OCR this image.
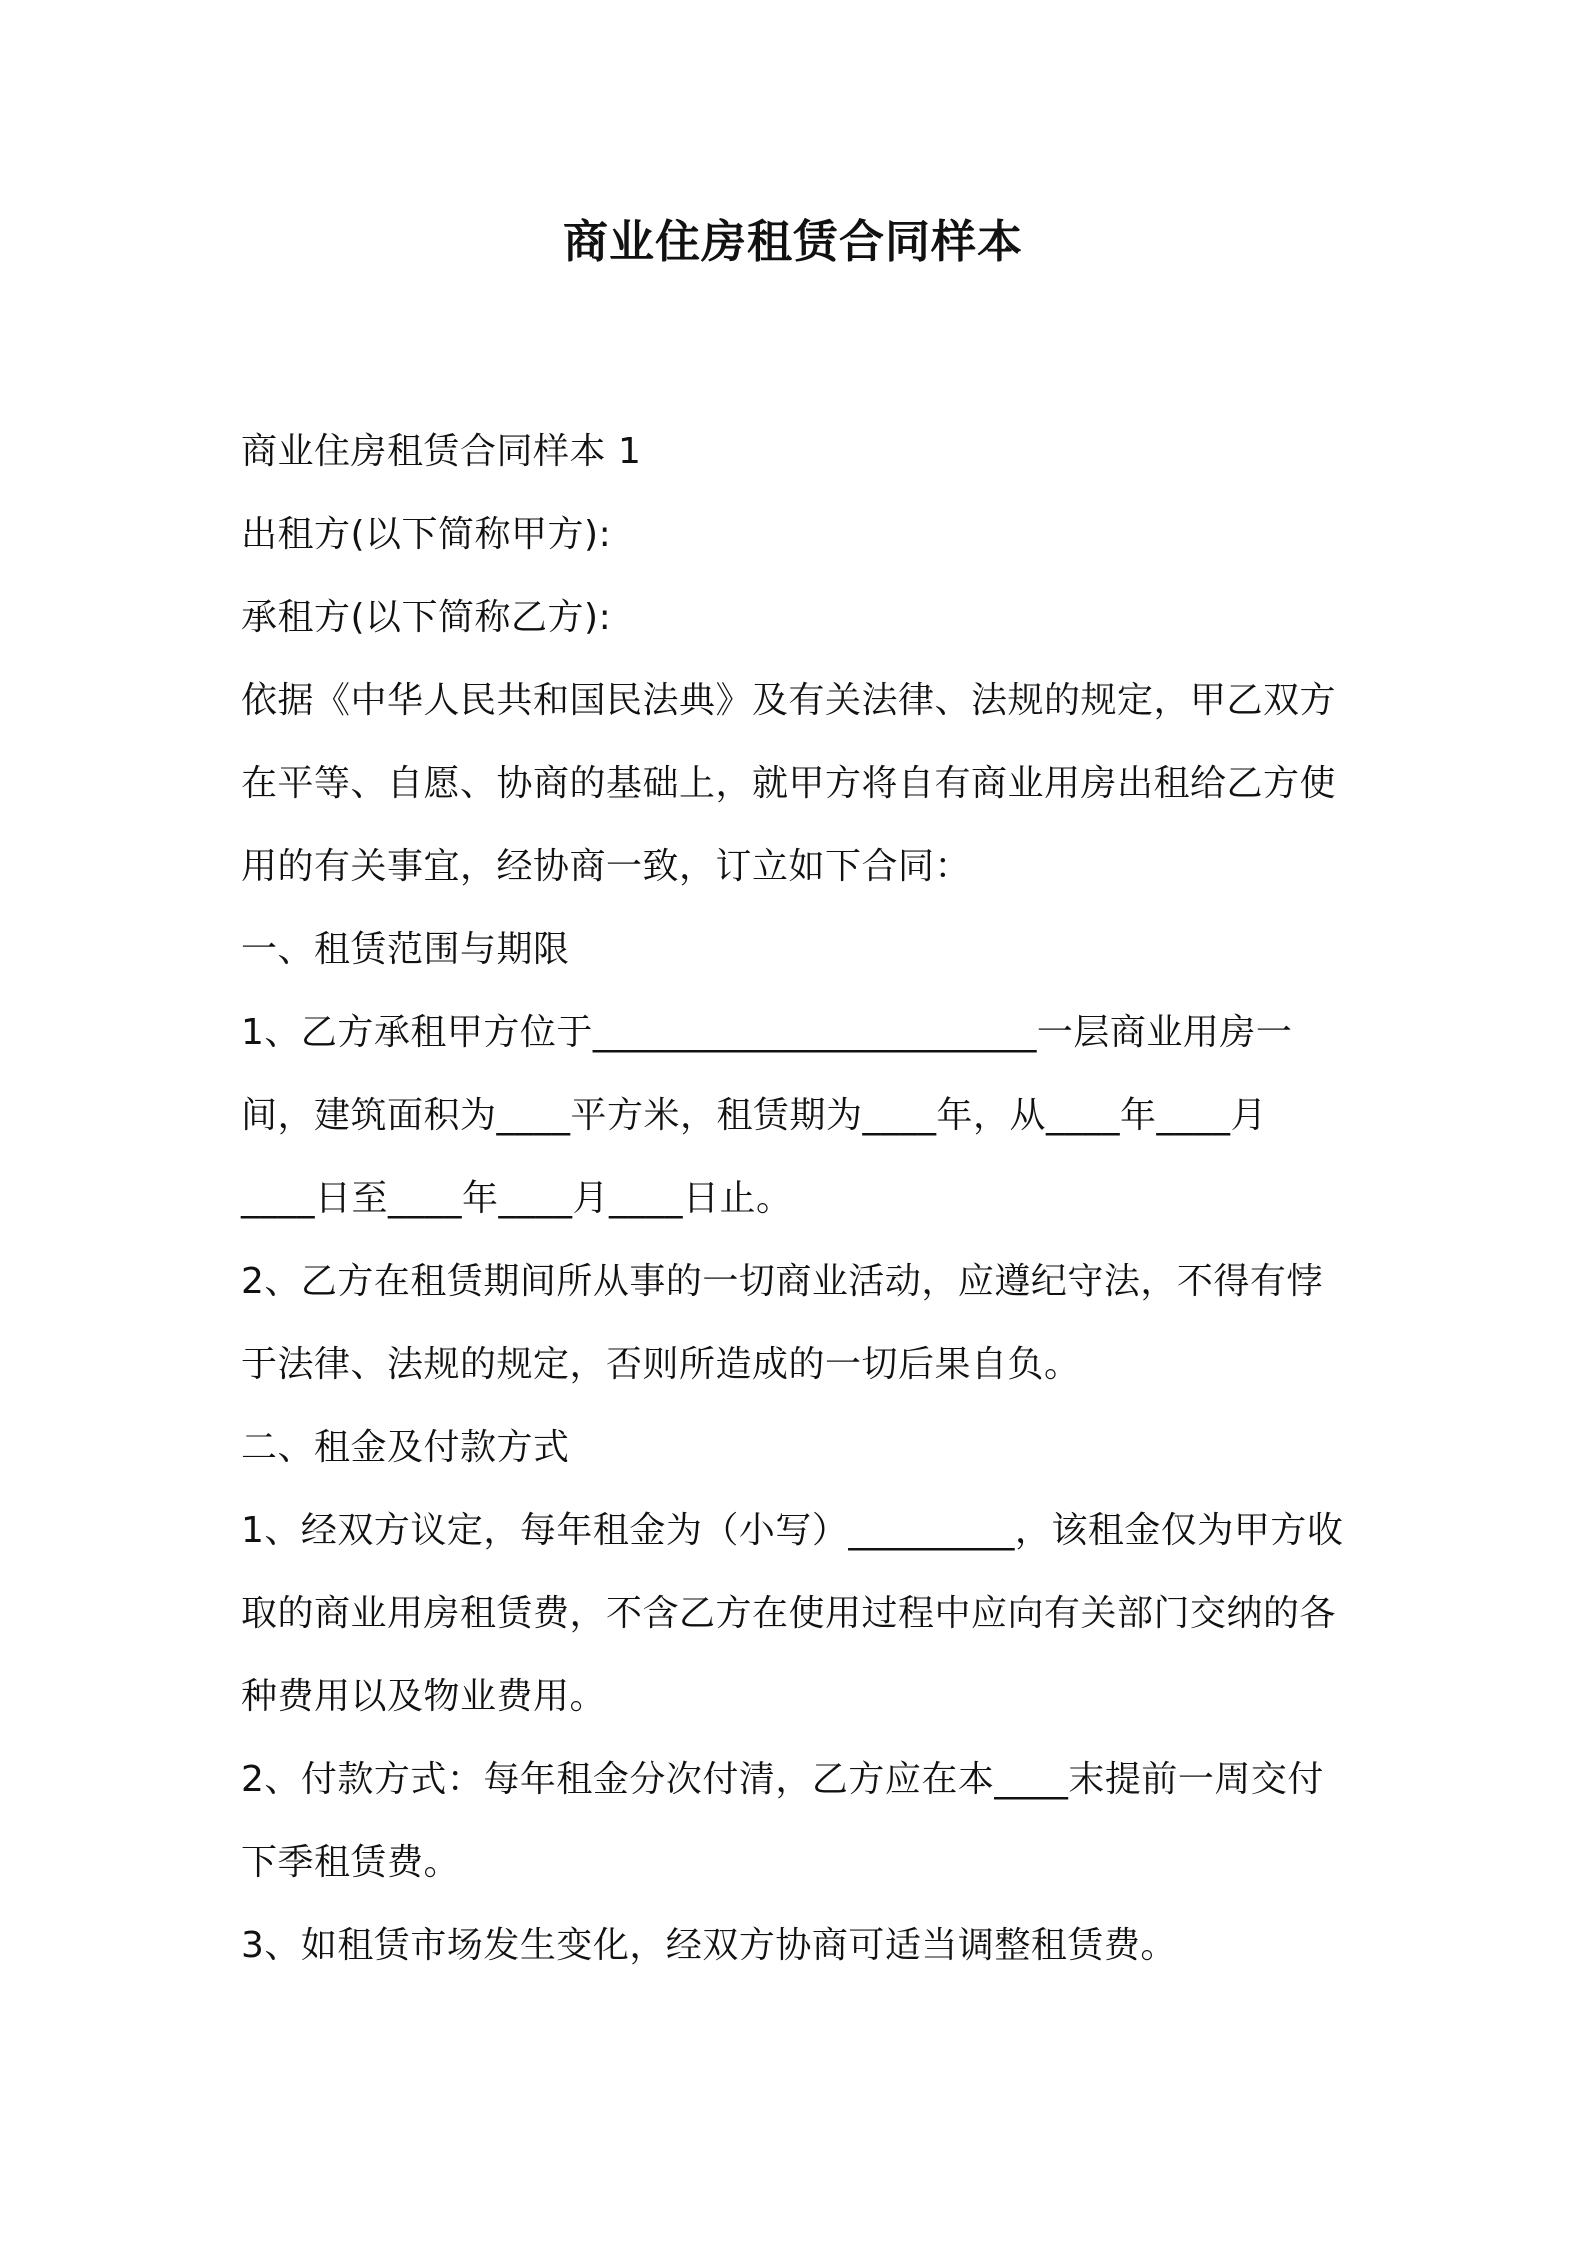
商业住房租赁合同样本
商业住房租赁合同样本 1
出租方(以下简称甲方):
承租方(以下简称乙方):
依据《中华人民共和国民法典》及有关法律、法规的规定，甲乙双方
在平等、自愿、协商的基础上，就甲方将自有商业用房出租给乙方使
用的有关事宜，经协商一致，订立如下合同：
一、租赁范围与期限
1、乙方承租甲方位于________________________一层商业用房一
间，建筑面积为____平方米，租赁期为____年，从____年____月
____日至____年____月____日止。
2、乙方在租赁期间所从事的一切商业活动，应遵纪守法，不得有悖
于法律、法规的规定，否则所造成的一切后果自负。
二、租金及付款方式
1、经双方议定，每年租金为（小写）_________，该租金仅为甲方收
取的商业用房租赁费，不含乙方在使用过程中应向有关部门交纳的各
种费用以及物业费用。
2、付款方式：每年租金分次付清，乙方应在本____末提前一周交付
下季租赁费。
3、如租赁市场发生变化，经双方协商可适当调整租赁费。
